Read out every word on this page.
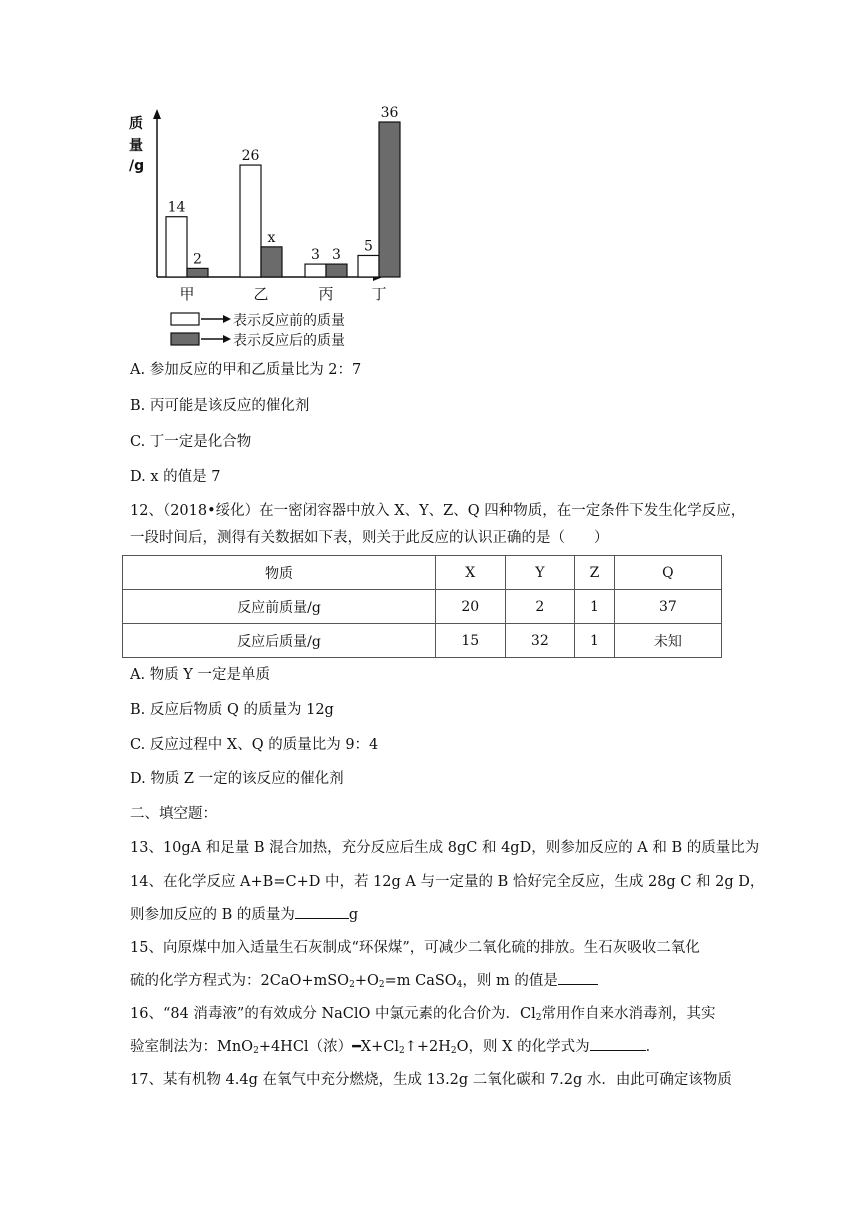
质
量
/g
14
26
3
5
2
x
3
36
甲	乙	丙	丁
表示反应前的质量
表示反应后的质量
A. 参加反应的甲和乙质量比为 2：7
B. 丙可能是该反应的催化剂
C. 丁一定是化合物
D. x 的值是 7
12、（2018•绥化）在一密闭容器中放入 X、Y、Z、Q 四种物质，在一定条件下发生化学反应，
一段时间后，测得有关数据如下表，则关于此反应的认识正确的是（　　）
物质	X	Y	Z	Q
反应前质量/g	20	2	1	37
反应后质量/g	15	32	1	未知
A. 物质 Y 一定是单质
B. 反应后物质 Q 的质量为 12g
C. 反应过程中 X、Q 的质量比为 9：4
D. 物质 Z 一定的该反应的催化剂
二、填空题：
13、10gA 和足量 B 混合加热，充分反应后生成 8gC 和 4gD，则参加反应的 A 和 B 的质量比为
14、在化学反应 A+B=C+D 中，若 12g A 与一定量的 B 恰好完全反应，生成 28g C 和 2g D，
则参加反应的 B 的质量为	g
15、向原煤中加入适量生石灰制成“环保煤”，可减少二氧化硫的排放。生石灰吸收二氧化
硫的化学方程式为：$2CaO+mSO_2+O_2=m$ CaSO$_4$，则 m 的值是
16、“84 消毒液”的有效成分 NaClO 中氯元素的化合价为．$Cl_2$常用作自来水消毒剂，其实
验室制法为：MnO$_2$+4HCl（浓）$━X+Cl_2↑+2H_2O$，则 X 的化学式为	．
17、某有机物 4.4g 在氧气中充分燃烧，生成 13.2g 二氧化碳和 7.2g 水．由此可确定该物质
